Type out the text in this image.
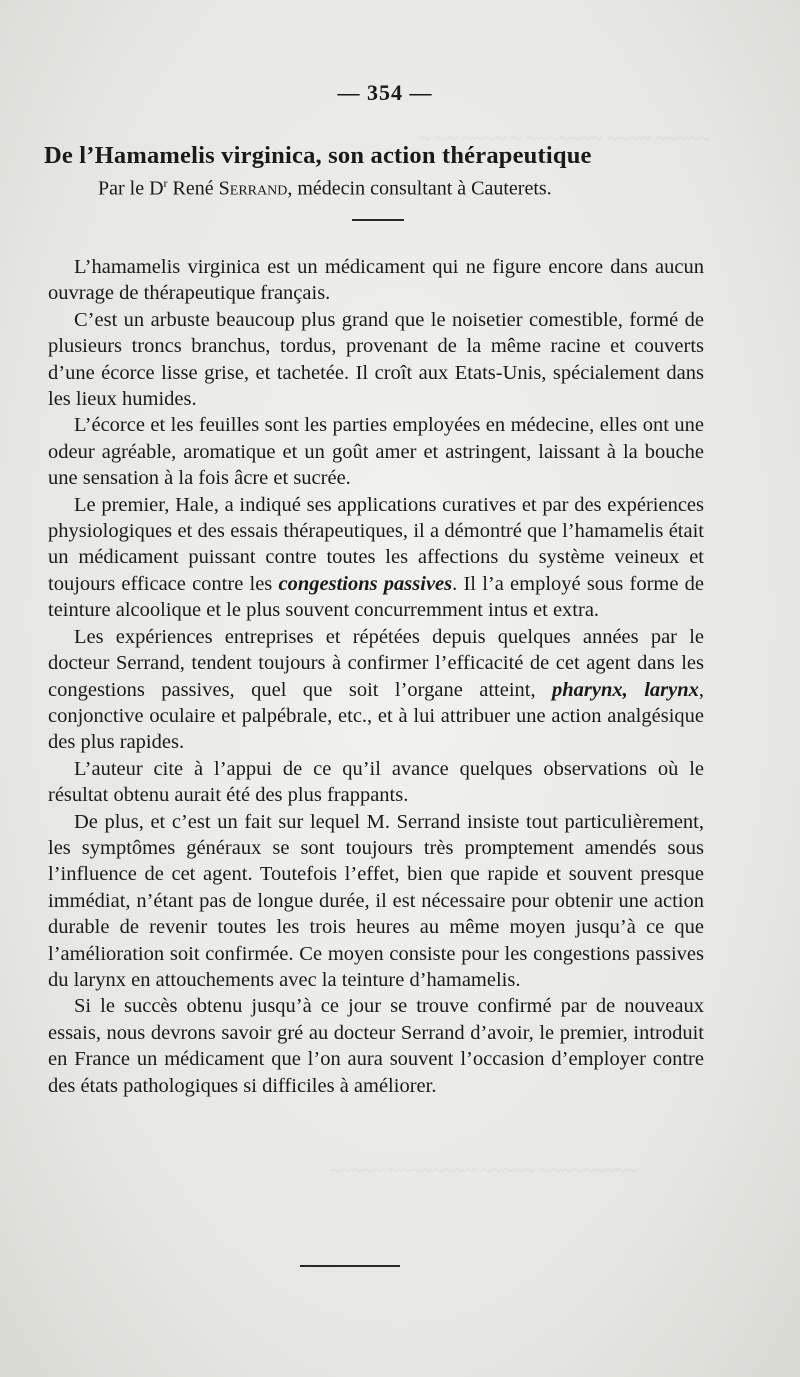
~ ~~ ~~~~ ~ ~~~~~~~ ~~~~ ~~~~~
~~~~~ ~~~~~~~~ ~~~~~ ~~~~~~~~~
— 354 —
De l’Hamamelis virginica, son action thérapeutique
Par le $D^r$ René Serrand, médecin consultant à Cauterets.

L’hamamelis virginica est un médicament qui ne figure encore dans aucun ouvrage de thérapeutique français.

C’est un arbuste beaucoup plus grand que le noisetier comestible, formé de plusieurs troncs branchus, tordus, provenant de la même racine et couverts d’une écorce lisse grise, et tachetée. Il croît aux Etats-Unis, spécialement dans les lieux humides.

L’écorce et les feuilles sont les parties employées en médecine, elles ont une odeur agréable, aromatique et un goût amer et astringent, laissant à la bouche une sensation à la fois âcre et sucrée.

Le premier, Hale, a indiqué ses applications curatives et par des expériences physiologiques et des essais thérapeutiques, il a démontré que l’hamamelis était un médicament puissant contre toutes les affections du système veineux et toujours efficace contre les congestions passives. Il l’a employé sous forme de teinture alcoolique et le plus souvent concurremment intus et extra.

Les expériences entreprises et répétées depuis quelques années par le docteur Serrand, tendent toujours à confirmer l’efficacité de cet agent dans les congestions passives, quel que soit l’organe atteint, pharynx, larynx, conjonctive oculaire et palpébrale, etc., et à lui attribuer une action analgésique des plus rapides.

L’auteur cite à l’appui de ce qu’il avance quelques observations où le résultat obtenu aurait été des plus frappants.

De plus, et c’est un fait sur lequel M. Serrand insiste tout particulièrement, les symptômes généraux se sont toujours très promptement amendés sous l’influence de cet agent. Toutefois l’effet, bien que rapide et souvent presque immédiat, n’étant pas de longue durée, il est nécessaire pour obtenir une action durable de revenir toutes les trois heures au même moyen jusqu’à ce que l’amélioration soit confirmée. Ce moyen consiste pour les congestions passives du larynx en attouchements avec la teinture d’hamamelis.

Si le succès obtenu jusqu’à ce jour se trouve confirmé par de nouveaux essais, nous devrons savoir gré au docteur Serrand d’avoir, le premier, introduit en France un médicament que l’on aura souvent l’occasion d’employer contre des états pathologiques si difficiles à améliorer.
